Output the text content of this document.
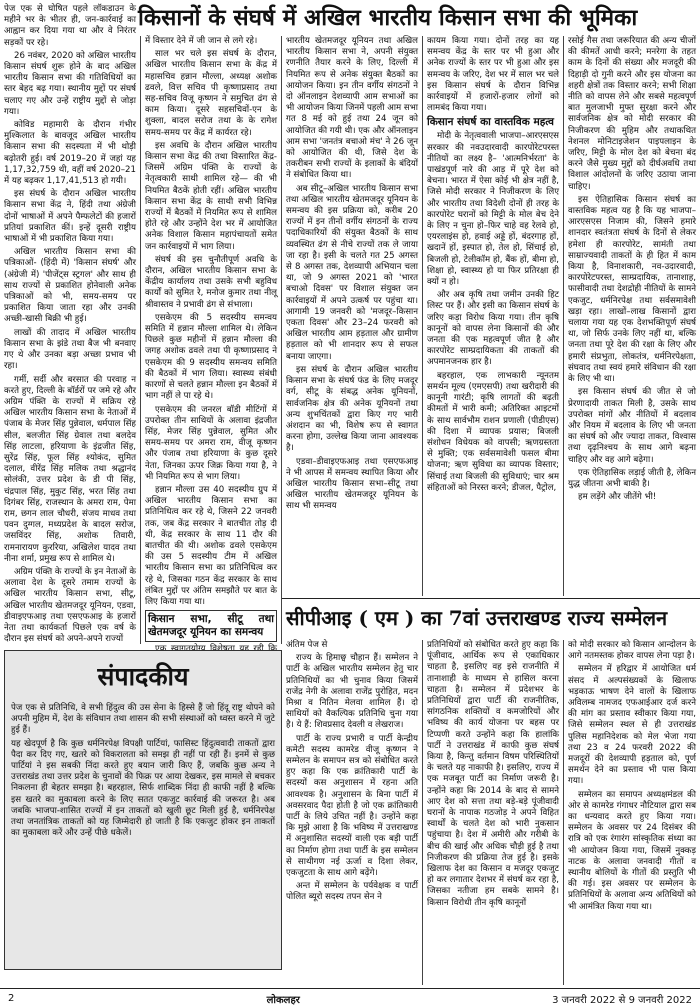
किसानों के संघर्ष में अखिल भारतीय किसान सभा की भूमिका

पेज एक से घोषित पहले लॉकडाउन के महीने भर के भीतर ही, जन-कार्रवाई का आह्वान कर दिया गया था और वे निरंतर सड़कों पर रहे।

26 नवंबर, 2020 को अखिल भारतीय किसान संघर्ष शुरू होने के बाद अखिल भारतीय किसान सभा की गतिविधियों का स्तर बेहद बढ़ गया। स्थानीय मुद्दों पर संघर्ष चलाए गए और उन्हें राष्ट्रीय मुद्दों से जोड़ा गया।

कोविड महामारी के दौरान गंभीर मुश्किलात के बावजूद अखिल भारतीय किसान सभा की सदस्यता में भी थोड़ी बढ़ोतरी हुई। वर्ष 2019–20 में जहां यह 1,17,32,759 थी, वहीं वर्ष 2020–21 में यह बढ़कर 1,17,41,513 हो गयी।

इस संघर्ष के दौरान अखिल भारतीय किसान सभा केंद्र ने, हिंदी तथा अंग्रेजी दोनों भाषाओं में अपने पैम्फलेटों की हजारों प्रतियां प्रकाशित कीं। इन्हें दूसरी राष्ट्रीय भाषाओं में भी प्रकाशित किया गया।

अखिल भारतीय किसान सभा की पत्रिकाओं- (हिंदी में) 'किसान संघर्ष' और (अंग्रेजी में) 'पीजेंट्स स्ट्रगल' और साथ ही साथ राज्यों से प्रकाशित होनेवाली अनेक पत्रिकाओं को भी, समय-समय पर प्रकाशित किया जाता रहा और उनकी अच्छी-खासी बिक्री भी हुई।

लाखों की तादाद में अखिल भारतीय किसान सभा के झंडे तथा बैज भी बनवाए गए थे और उनका बड़ा अच्छा प्रभाव भी रहा।

गर्मी, सर्दी और बरसात की परवाह न करते हुए, दिल्ली के बॉर्डरों पर जमे रहे और अग्रिम पंक्ति के राज्यों में सक्रिय रहे अखिल भारतीय किसान सभा के नेताओं में पंजाब के मेजर सिंह पुन्नेवाल, धर्मपाल सिंह सील, बलजीत सिंह ग्रेवाल तथा बलदेव सिंह लाटला, हरियाणा के इंद्रजीत सिंह, सुरेंद्र सिंह, फूल सिंह श्योकंद, सुमित दलाल, वीरेंद्र सिंह मलिक तथा श्रद्धानंद सोलंकी, उत्तर प्रदेश के डी पी सिंह, चंद्रपाल सिंह, मुकुट सिंह, भरत सिंह तथा दिगंबर सिंह, राजस्थान के अमरा राम, पेमा राम, छगन लाल चौधरी, संजय माधव तथा पवन दुग्गल, मध्यप्रदेश के बादल सरोज, जसविंदर सिंह, अशोक तिवारी, रामनारायण कुररिया, अखिलेश यादव तथा नीना शर्मा, प्रमुख रूप से शामिल थे।

अग्रिम पंक्ति के राज्यों के इन नेताओं के अलावा देश के दूसरे तमाम राज्यों के अखिल भारतीय किसान सभा, सीटू, अखिल भारतीय खेतमजदूर यूनियन, एडवा, डीवाइएफआइ तथा एसएफआइ के हजारों नेता तथा कार्यकर्ता पिछले एक वर्ष के दौरान इस संघर्ष को अपने-अपने राज्यों

में विस्तार देने में जी जान से लगे रहे।

साल भर चले इस संघर्ष के दौरान, अखिल भारतीय किसान सभा के केंद्र में महासचिव हन्नान मौल्ला, अध्यक्ष अशोक ढवले, वित्त सचिव पी कृष्णाप्रसाद तथा सह-सचिव विजू कृष्णन ने समुचित ढंग से काम किया। दूसरे सहसचिवों-एन के शुक्ला, बादल सरोज तथा के के रागेश समय-समय पर केंद्र में कार्यरत रहे।

इस अवधि के दौरान अखिल भारतीय किसान सभा केंद्र की तथा विस्तारित केंद्र-जिसमें अग्रिम पंक्ति के राज्यों के नेतृत्वकारी साथी शामिल रहे— की भी नियमित बैठकें होती रहीं। अखिल भारतीय किसान सभा केंद्र के साथी सभी विभिन्न राज्यों में बैठकों में नियमित रूप से शामिल होते रहे और उन्होंने देश भर में आयोजित अनेक विशाल किसान महापंचायतों समेत जन कार्रवाइयों में भाग लिया।

संघर्ष की इस चुनौतीपूर्ण अवधि के दौरान, अखिल भारतीय किसान सभा के केंद्रीय कार्यालय तथा उसके सभी बहुविध कार्यों को सुमित रे, मनोज कुमार तथा नीलू श्रीवास्तव ने प्रभावी ढंग से संभाला।

एसकेएम की 5 सदस्यीय समन्वय समिति में हन्नान मौल्ला शामिल थे। लेकिन पिछले कुछ महीनों में हन्नान मौल्ला की जगह अशोक ढवले तथा पी कृष्णाप्रसाद ने एसकेएम की 9 सदस्यीय समन्वय समिति की बैठकों में भाग लिया। स्वास्थ्य संबंधी कारणों से चलते हन्नान मौल्ला इन बैठकों में भाग नहीं ले पा रहे थे।

एसकेएम की जनरल बॉडी मीटिंगों में उपरोक्त तीन साथियों के अलावा इंद्रजीत सिंह, मेजर सिंह पुन्नेवाल, सुमित और समय-समय पर अमरा राम, वीजू कृष्णन और पंजाब तथा हरियाणा के कुछ दूसरे नेता, जिनका ऊपर जिक्र किया गया है, ने भी नियमित रूप से भाग लिया।

हन्नान मौल्ला उस 40 सदस्यीय ग्रुप में अखिल भारतीय किसान सभा का प्रतिनिधित्व कर रहे थे, जिसने 22 जनवरी तक, जब केंद्र सरकार ने बातचीत तोड़ दी थी, केंद्र सरकार के साथ 11 दौर की बातचीत की थी। अशोक ढवले एसकेएम की उस 5 सदस्यीय टीम में अखिल भारतीय किसान सभा का प्रतिनिधित्व कर रहे थे, जिसका गठन केंद्र सरकार के साथ लंबित मुद्दों पर अंतिम समझौते पर बात के लिए किया गया था।

किसान सभा, सीटू तथा खेतमजदूर यूनियन का समन्वय

भारतीय खेतमजदूर यूनियन तथा अखिल भारतीय किसान सभा ने, अपनी संयुक्त रणनीति तैयार करने के लिए, दिल्ली में नियमित रूप से अनेक संयुक्त बैठकों का आयोजन किया। इन तीन वर्गीय संगठनों ने दो ऑनलाइन देशव्यापी आम सभाओं का भी आयोजन किया जिनमें पहली आम सभा गत 8 मई को हुई तथा 24 जून को आयोजित की गयी थी। एक और ऑनलाइन आम सभा 'जनतंत्र बचाओ मंच' ने 26 जून को आयोजित की थी, जिसे देश के तकरीबन सभी राज्यों के इलाकों के बंदियों ने संबोधित किया था।

अब सीटू–अखिल भारतीय किसान सभा तथा अखिल भारतीय खेतमजदूर यूनियन के समन्वय की इस प्रक्रिया को, करीब 20 राज्यों में इन तीनों वर्गीय संगठनों के राज्य पदाधिकारियों की संयुक्त बैठकों के साथ व्यवस्थित ढंग से नीचे राज्यों तक ले जाया जा रहा है। इसी के चलते गत 25 अगस्त से 8 अगस्त तक, देशव्यापी अभियान चला था, जो 9 अगस्त 2021 को 'भारत बचाओ दिवस' पर विशाल संयुक्त जन कार्रवाइयों में अपने उत्कर्ष पर पहुंचा था। आगामी 19 जनवरी को 'मजदूर–किसान एकता दिवस' और 23–24 फरवरी को अखिल भारतीय आम हड़ताल और ग्रामीण हड़ताल को भी शानदार रूप से सफल बनाया जाएगा।

इस संघर्ष के दौरान अखिल भारतीय किसान सभा के संघर्ष फंड के लिए मजदूर वर्ग, सीटू के संबद्ध अनेक यूनियनों, सार्वजनिक क्षेत्र की अनेक यूनियनों तथा अन्य शुभचिंतकों द्वारा किए गए भारी अंशदान का भी, विशेष रूप से स्वागत करना होगा, उल्लेख किया जाना आवश्यक है।

एडवा–डीवाइएफआइ तथा एसएफआइ ने भी आपस में समन्वय स्थापित किया और अखिल भारतीय किसान सभा–सीटू तथा अखिल भारतीय खेतमजदूर यूनियन के साथ भी समन्वय

कायम किया गया। दोनों तरह का यह समन्वय केंद्र के स्तर पर भी हुआ और अनेक राज्यों के स्तर पर भी हुआ और इस समन्वय के जरिए, देश भर में साल भर चले इस किसान संघर्ष के दौरान विभिन्न कार्रवाइयों में हजारों-हजार लोगों को लामबंद किया गया।

किसान संघर्ष का वास्तविक महत्व

मोदी के नेतृत्ववाली भाजपा–आरएसएस सरकार की नवउदारवादी कारपोरेटपरस्त नीतियों का लक्ष्य है– 'आत्मनिर्भरता' के पाखंडपूर्ण नारे की आड़ में पूरे देश को बेचना। भारत में ऐसा कोई भी क्षेत्र नहीं है, जिसे मोदी सरकार ने निजीकरण के लिए और भारतीय तथा विदेशी दोनों ही तरह के कारपोरेट घरानों को मिट्टी के मोल बेच देने के लिए न चुना हो–फिर चाहे वह रेलवे हो, एयरलाइंस हो, हवाई अड्डे हों, बंदरगाह हों, खदानें हों, इस्पात हो, तेल हो, सिंचाई हो, बिजली हो, टेलीकॉम हो, बैंक हों, बीमा हो, शिक्षा हो, स्वास्थ्य हो या फिर प्रतिरक्षा ही क्यों न हो।

और अब कृषि तथा जमीन उनकी हिट लिस्ट पर हैं। और इसी का किसान संघर्ष के जरिए कड़ा विरोध किया गया। तीन कृषि कानूनों को वापस लेना किसानों की और जनता की एक महत्वपूर्ण जीत है और कारपोरेट साम्प्रदायिकता की ताकतों की अपमानजनक हार है।

बहरहाल, एक लाभकारी न्यूनतम समर्थन मूल्य (एमएसपी) तथा खरीदारी की कानूनी गारंटी; कृषि लागतों की बढ़ती कीमतों में भारी कमी; अतिरिक्त आइटमों के साथ सार्वभौम राशन प्रणाली (पीडीएस) की दिशा में व्यापक प्रयास; बिजली संशोधन विधेयक को वापसी; ऋणग्रस्तता से मुक्ति; एक सर्वसमावेशी फसल बीमा योजना; ऋण सुविधा का व्यापक विस्तार; सिंचाई तथा बिजली की सुविधाएं; चार श्रम संहिताओं को निरस्त करने; डीजल, पैट्रोल,

रसोई गैस तथा जरूरियात की अन्य चीजों की कीमतें आधी करने; मनरेगा के तहत काम के दिनों की संख्या और मजदूरी की दिहाड़ी दो गुनी करने और इस योजना का शहरी क्षेत्रों तक विस्तार करने; सभी शिक्षा नीति को वापस लेने और सबसे महत्वपूर्ण बात मुलजाभी मुफ्त सुरक्षा करने और सार्वजनिक क्षेत्र को मोदी सरकार की निजीकरण की मुहिम और तथाकथित नेशनल मोनिटाइजेशन पाइपलाइन के जरिए, मिट्टी के मोल देश को बेचना बंद करने जैसे मुख्य मुद्दों को दीर्घअवधि तथा विशाल आंदोलनों के जरिए उठाया जाना चाहिए।

इस ऐतिहासिक किसान संघर्ष का वास्तविक महत्व यह है कि यह भाजपा–आरएसएस निजाम की, जिसने हमारे शानदार स्वतंत्रता संघर्ष के दिनों से लेकर हमेशा ही कारपोरेट, सामंती तथा साम्राज्यवादी ताकतों के ही हित में काम किया है, विनाशकारी, नव-उदारवादी, कारपोरेटपरस्त, साम्प्रदायिक, तानाशाह, फासीवादी तथा देशद्रोही नीतियों के सामने एकजुट, धर्मनिरपेक्ष तथा सर्वसमावेशी खड़ा रहा। लाखों–लाख किसानों द्वारा चलाया गया यह एक देशभक्तिपूर्ण संघर्ष था, जो सिर्फ उनके लिए नहीं था, बल्कि जनता तथा पूरे देश की रक्षा के लिए और हमारी संप्रभुता, लोकतंत्र, धर्मनिरपेक्षता, संघवाद तथा स्वयं हमारे संविधान की रक्षा के लिए भी था।

इस किसान संघर्ष की जीत से जो प्रेरणादायी ताकत मिली है, उसके साथ उपरोक्त मांगों और नीतियों में बदलाव और नियम में बदलाव के लिए भी जनता का संघर्ष को और ज्यादा ताकत, विश्वास तथा दृढ़निश्चय के साथ आगे बढ़ना चाहिए और वह आगे बढ़ेगा।

एक ऐतिहासिक लड़ाई जीती है, लेकिन युद्ध जीतना अभी बाकी है।

हम लड़ेंगे और जीतेंगे भी!

सीपीआइ ( एम ) का 7वां उत्तराखण्ड राज्य सम्मेलन

अंतिम पेज से

राज्य के हिमाछ्व चौहान हैं। सम्मेलन ने पार्टी के अखिल भारतीय सम्मेलन हेतु चार प्रतिनिधियों का भी चुनाव किया जिसमें राजेंद्र नेगी के अलावा राजेंद्र पुरोहित, मदन मिश्रा व नितिन मेलवा शामिल हैं। दो साथियों को वैकल्पिक प्रतिनिधि चुना गया है। ये हैं: शिवप्रसाद देवली व लेखराज।

पार्टी के राज्य प्रभारी व पार्टी केन्द्रीय कमेटी सदस्य कामरेड वीजू कृष्णन ने सम्मेलन के समापन सत्र को संबोधित करते हुए कहा कि एक क्रांतिकारी पार्टी के सदस्यों कस अनुशासन में रहना अति आवश्यक है। अनुशासन के बिना पार्टी में अवसरवाद पैदा होती है जो एक क्रांतिकारी पार्टी के लिये उचित नहीं है। उन्होंने कहा कि मुझे आशा है कि भविष्य में उत्तराखण्ड में अनुशासित सदस्यों वाली एक बड़ी पार्टी का निर्माण होगा तथा पार्टी के इस सम्मेलन से साथीगण नई ऊर्जा व दिशा लेकर, एकजुटता के साथ आगे बढ़ेंगे।

अन्त में सम्मेलन के पर्यवेक्षक व पार्टी पोलित ब्यूरो सदस्य तपन सेन ने

प्रतिनिधियों को संबोधित करते हुए कहा कि पूंजीवाद, आर्थिक रूप से एकाधिकार चाहता है, इसलिए वह इसे राजनीति में तानाशाही के माध्यम से हासिल करना चाहता है। सम्मेलन में प्रदेशभर के प्रतिनिधियों द्वारा पार्टी की राजनीतिक, सांगठनिक शक्तियों व कमजोरियों और भविष्य की कार्य योजना पर बहस पर टिप्पणी करते उन्होंने कहा कि हालांकि पार्टी ने उत्तराखंड में काफी कुछ संघर्ष किया है, किन्तु वर्तमान विषम परिस्थितियों के चलते यह नाकाफी है। इसलिए, राज्य में एक मजबूत पार्टी का निर्माण जरूरी है। उन्होंने कहा कि 2014 के बाद से सामने आए देश को सत्ता तथा बड़े-बड़े पूंजीवादी घरानों के नापाक गठजोड़ ने अपने विहित स्वार्थों के चलते देश को भारी नुकसान पहुंचाया है। देश में अमीरी और गरीबी के बीच की खाई और अधिक चौड़ी हुई है तथा निजीकरण की प्रक्रिया तेज हुई है। इसके खिलाफ देश का किसान व मजदूर एकजुट हो कर लगातार देशभर में संघर्ष कर रहा है, जिसका नतीजा हम सबके सामने है। किसान विरोधी तीन कृषि कानूनों

को मोदी सरकार को किसान आन्दोलन के आगे नतमस्तक होकर वापस लेना पड़ा है।

सम्मेलन में हरिद्वार में आयोजित धर्म संसद में अल्पसंख्यकों के खिलाफ भड़काऊ भाषण देने वालों के खिलाफ अविलम्ब नामजद एफआईआर दर्ज करने की मांग का प्रस्ताव स्वीकार किया गया, जिसे सम्मेलन स्थल से ही उत्तराखंड पुलिस महानिदेशक को मेल भेजा गया तथा 23 व 24 फरवरी 2022 की मजदूरों की देशव्यापी हड़ताल को, पूर्ण समर्थन देने का प्रस्ताव भी पास किया गया।

सम्मेलन का समापन अध्यक्षमंडल की ओर से कामरेड गंगाधर नौटियाल द्वारा सब का धन्यवाद करते हुए किया गया। सम्मेलन के अवसर पर 24 दिसंबर की रात्रि को एक रंगारंग सांस्कृतिक संध्या का भी आयोजन किया गया, जिसमें नुक्कड़ नाटक के अलावा जनवादी गीतों व स्थानीय बोलियों के गीतों की प्रस्तुति भी की गई। इस अवसर पर सम्मेलन के प्रतिनिधियों के अलावा अन्य अतिथियों को भी आमंत्रित किया गया था।

संपादकीय

पेज एक से प्रतिनिधि, वे सभी हिंदुत्व की उस सेना के हिस्से हैं जो हिंदू राष्ट्र थोपने को अपनी मुहिम में, देश के संविधान तथा शासन की सभी संस्थाओं को ध्वस्त करने में जुटे हुई हैं।

यह खेदपूर्ण है कि कुछ धर्मनिरपेक्ष विपक्षी पार्टियां, फासिस्ट हिंदुत्ववादी ताकतों द्वारा पैदा कर दिए गए, खतरे को विकरालता को समझ ही नहीं पा रही हैं। इनमें से कुछ पार्टियां ने इस सबकी निंदा करते हुए बयान जारी किए हैं, जबकि कुछ अन्य ने उत्तराखंड तथा उत्तर प्रदेश के चुनावों की फिक्र पर आया देखकर, इस मामले से बचकर निकलना ही बेहतर समझा है। बहरहाल, सिर्फ शाब्दिक निंदा ही काफी नहीं है बल्कि इस खतरे का मुकाबला करने के लिए सतत एकजुट कार्रवाई की जरूरत है। अब जबकि भाजपा-शासित राज्यों में इन ताकतों को खुली छूट मिली हुई है, धर्मनिरपेक्ष तथा जनतांत्रिक ताकतों को यह जिम्मेदारी हो जाती है कि एकजुट होकर इन ताकतों का मुकाबला करें और उन्हें पीछे धकेलें।

2	लोकलहर	3 जनवरी 2022 से 9 जनवरी 2022
